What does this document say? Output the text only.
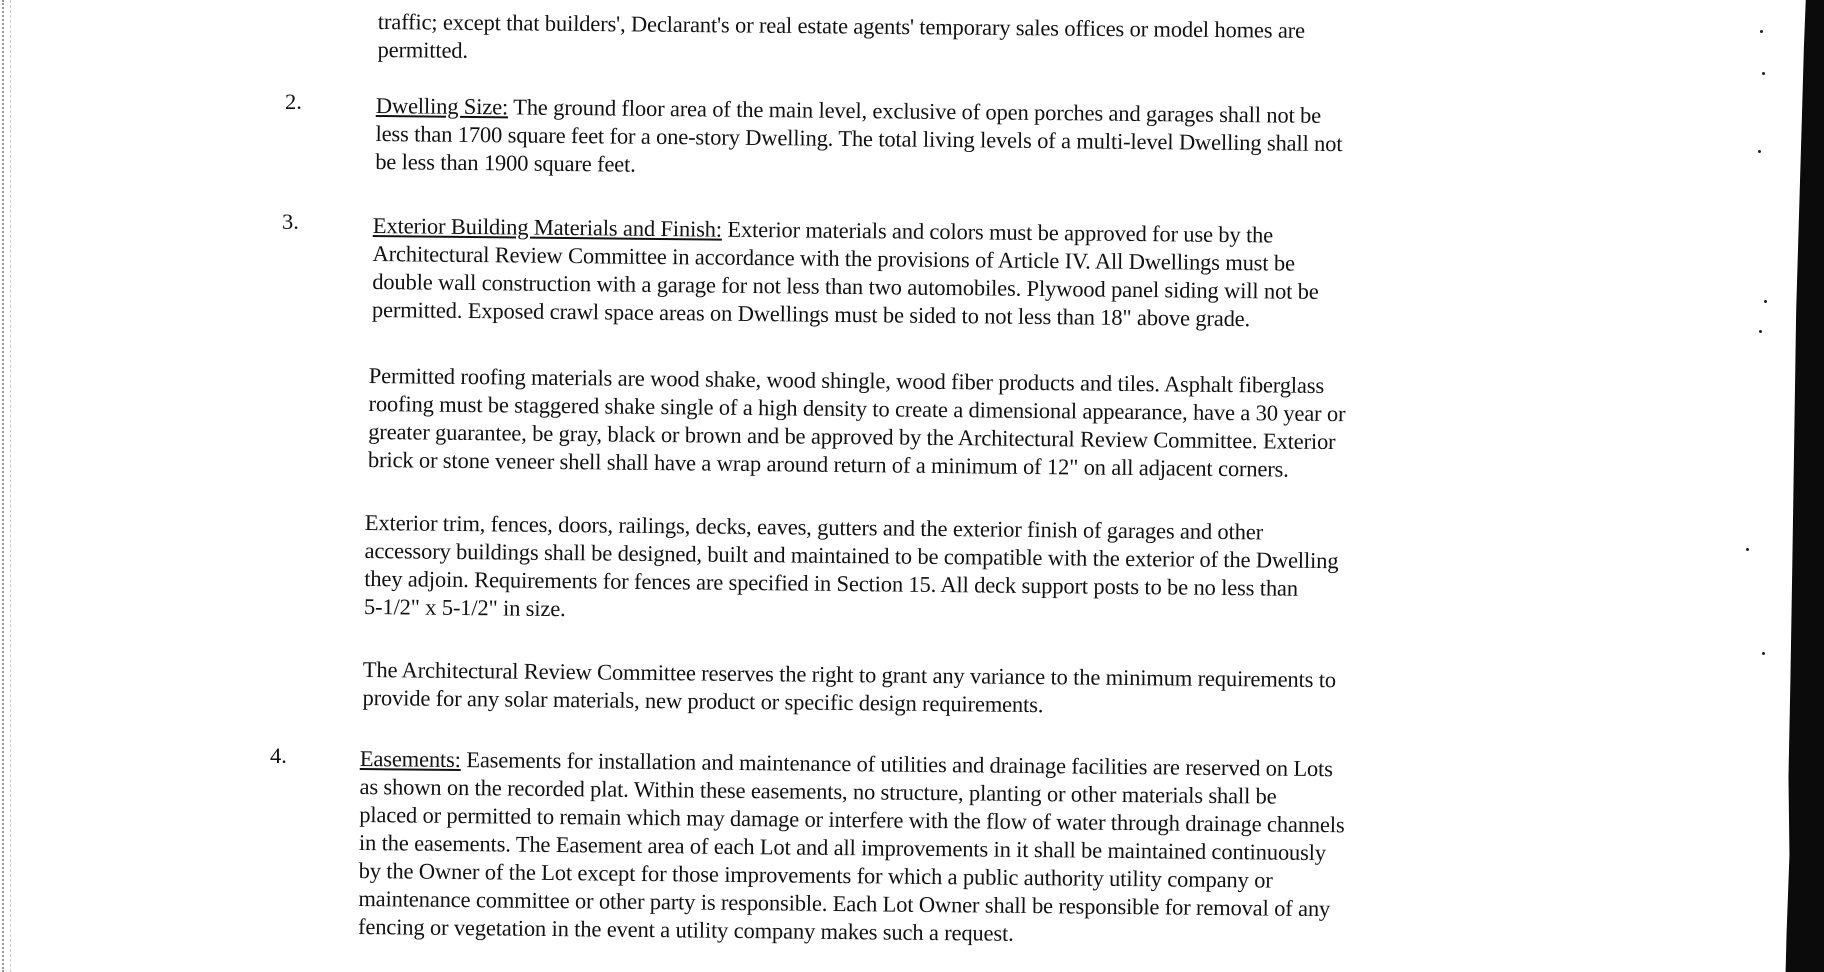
traffic; except that builders', Declarant's or real estate agents' temporary sales offices or model homes are
permitted.
2.	Dwelling Size: The ground floor area of the main level, exclusive of open porches and garages shall not be
less than 1700 square feet for a one-story Dwelling. The total living levels of a multi-level Dwelling shall not
be less than 1900 square feet.
3.	Exterior Building Materials and Finish: Exterior materials and colors must be approved for use by the
Architectural Review Committee in accordance with the provisions of Article IV. All Dwellings must be
double wall construction with a garage for not less than two automobiles. Plywood panel siding will not be
permitted. Exposed crawl space areas on Dwellings must be sided to not less than 18" above grade.
Permitted roofing materials are wood shake, wood shingle, wood fiber products and tiles. Asphalt fiberglass
roofing must be staggered shake single of a high density to create a dimensional appearance, have a 30 year or
greater guarantee, be gray, black or brown and be approved by the Architectural Review Committee. Exterior
brick or stone veneer shell shall have a wrap around return of a minimum of 12" on all adjacent corners.
Exterior trim, fences, doors, railings, decks, eaves, gutters and the exterior finish of garages and other
accessory buildings shall be designed, built and maintained to be compatible with the exterior of the Dwelling
they adjoin. Requirements for fences are specified in Section 15. All deck support posts to be no less than
5-1/2" x 5-1/2" in size.
The Architectural Review Committee reserves the right to grant any variance to the minimum requirements to
provide for any solar materials, new product or specific design requirements.
4.	Easements: Easements for installation and maintenance of utilities and drainage facilities are reserved on Lots
as shown on the recorded plat. Within these easements, no structure, planting or other materials shall be
placed or permitted to remain which may damage or interfere with the flow of water through drainage channels
in the easements. The Easement area of each Lot and all improvements in it shall be maintained continuously
by the Owner of the Lot except for those improvements for which a public authority utility company or
maintenance committee or other party is responsible. Each Lot Owner shall be responsible for removal of any
fencing or vegetation in the event a utility company makes such a request.
